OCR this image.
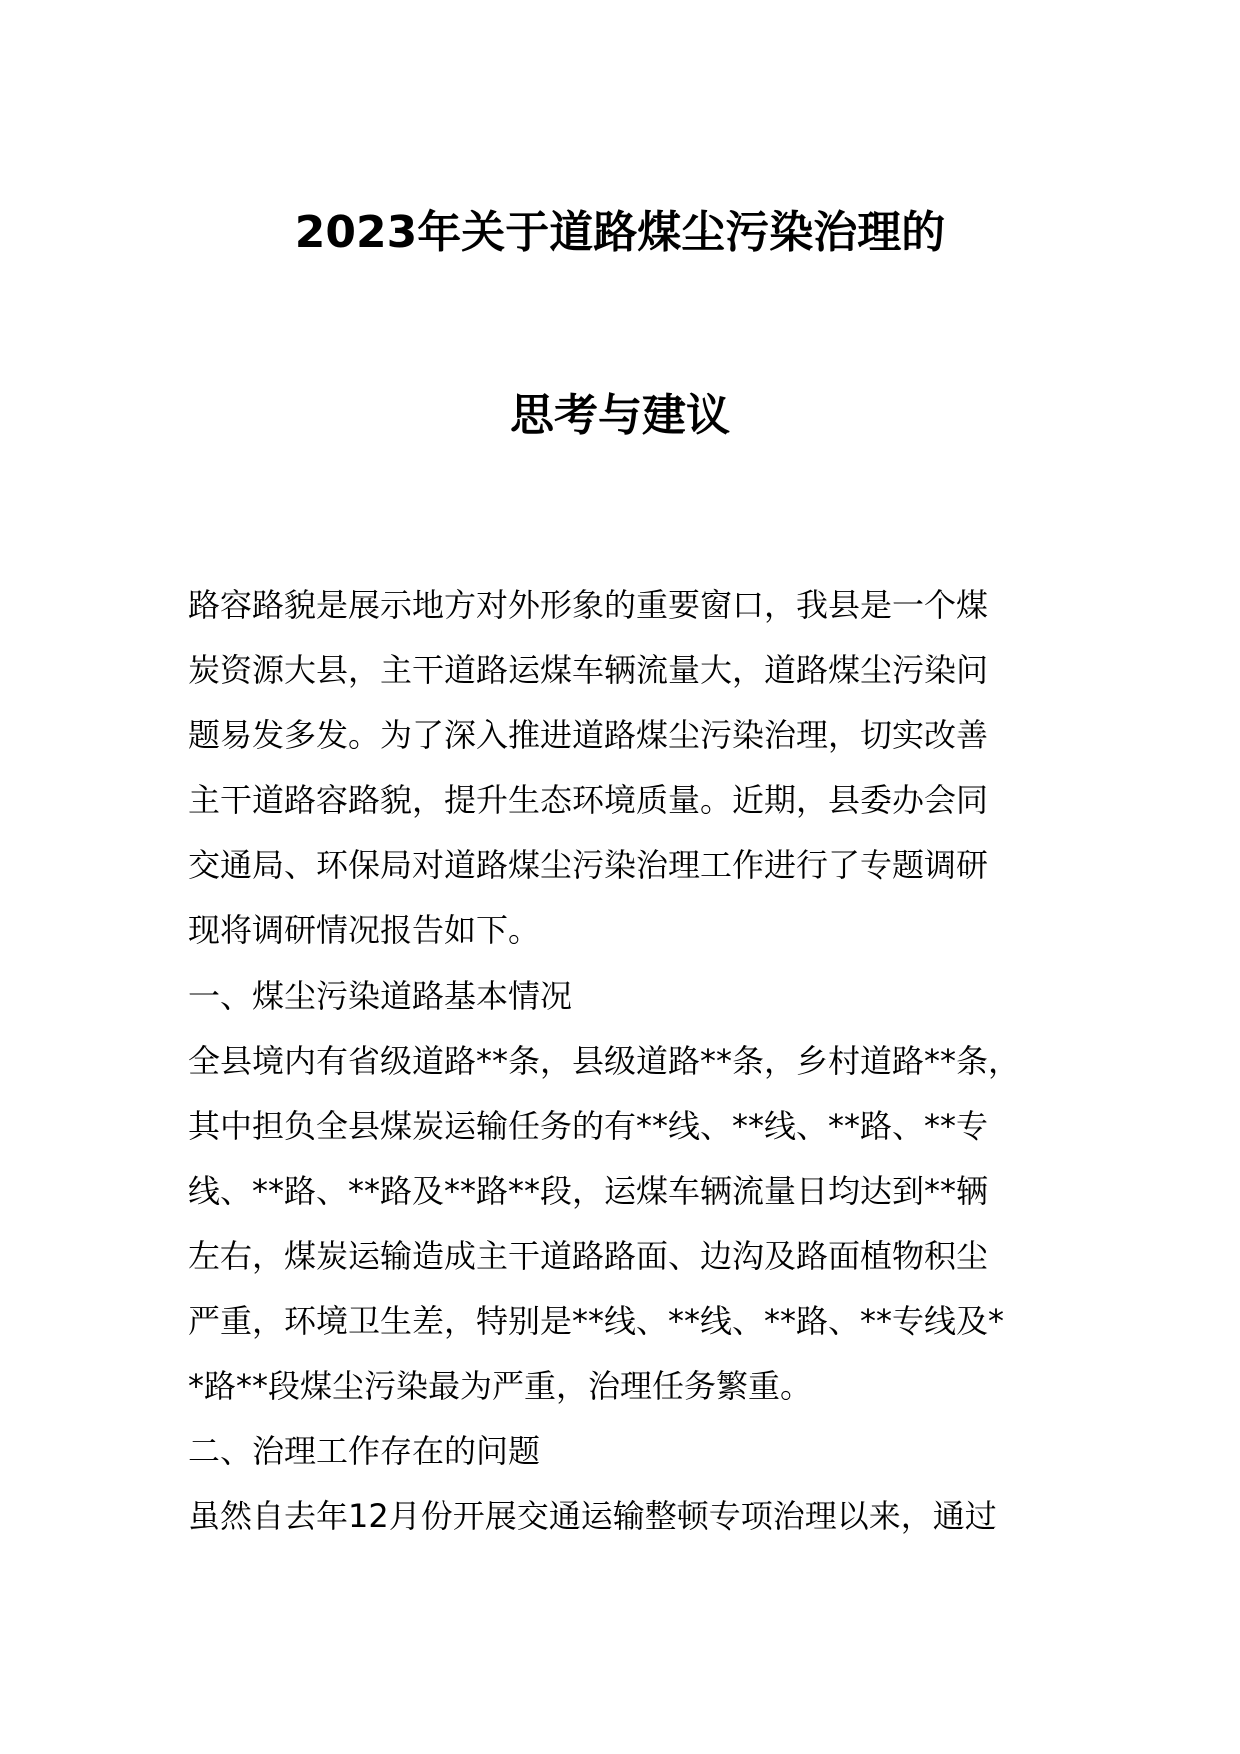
2023年关于道路煤尘污染治理的
思考与建议
路容路貌是展示地方对外形象的重要窗口，我县是一个煤
炭资源大县，主干道路运煤车辆流量大，道路煤尘污染问
题易发多发。为了深入推进道路煤尘污染治理，切实改善
主干道路容路貌，提升生态环境质量。近期，县委办会同
交通局、环保局对道路煤尘污染治理工作进行了专题调研
现将调研情况报告如下。
一、煤尘污染道路基本情况
全县境内有省级道路**条，县级道路**条，乡村道路**条，
其中担负全县煤炭运输任务的有**线、**线、**路、**专
线、**路、**路及**路**段，运煤车辆流量日均达到**辆
左右，煤炭运输造成主干道路路面、边沟及路面植物积尘
严重，环境卫生差，特别是**线、**线、**路、**专线及*
*路**段煤尘污染最为严重，治理任务繁重。
二、治理工作存在的问题
虽然自去年12月份开展交通运输整顿专项治理以来，通过
